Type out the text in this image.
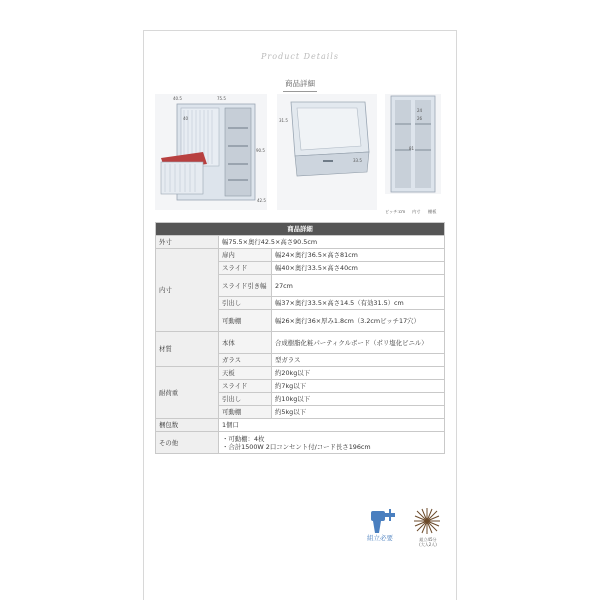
Product Details
商品詳細
75.5
40.5
90.5
42.5
40	31.5
33.5
24
26
81
ピッチ:cm 内寸 棚板
商品詳細		
外寸	幅75.5×奥行42.5×高さ90.5cm	
内寸	扉内	幅24×奥行36.5×高さ81cm
	スライド	幅40×奥行33.5×高さ40cm
	スライド引き幅	27cm
	引出し	幅37×奥行33.5×高さ14.5（有効31.5）cm
	可動棚	幅26×奥行36×厚み1.8cm（3.2cmピッチ17穴）
材質	本体	合成樹脂化粧パーティクルボード（ポリ塩化ビニル）
	ガラス	型ガラス
耐荷重	天板	約20kg以下
	スライド	約7kg以下
	引出し	約10kg以下
	可動棚	約5kg以下
梱包数	1個口	
その他	・可動棚：4枚
・合計1500W 2口コンセント付/コード長さ196cm	
組立必要	組立45分
(大人2人)
